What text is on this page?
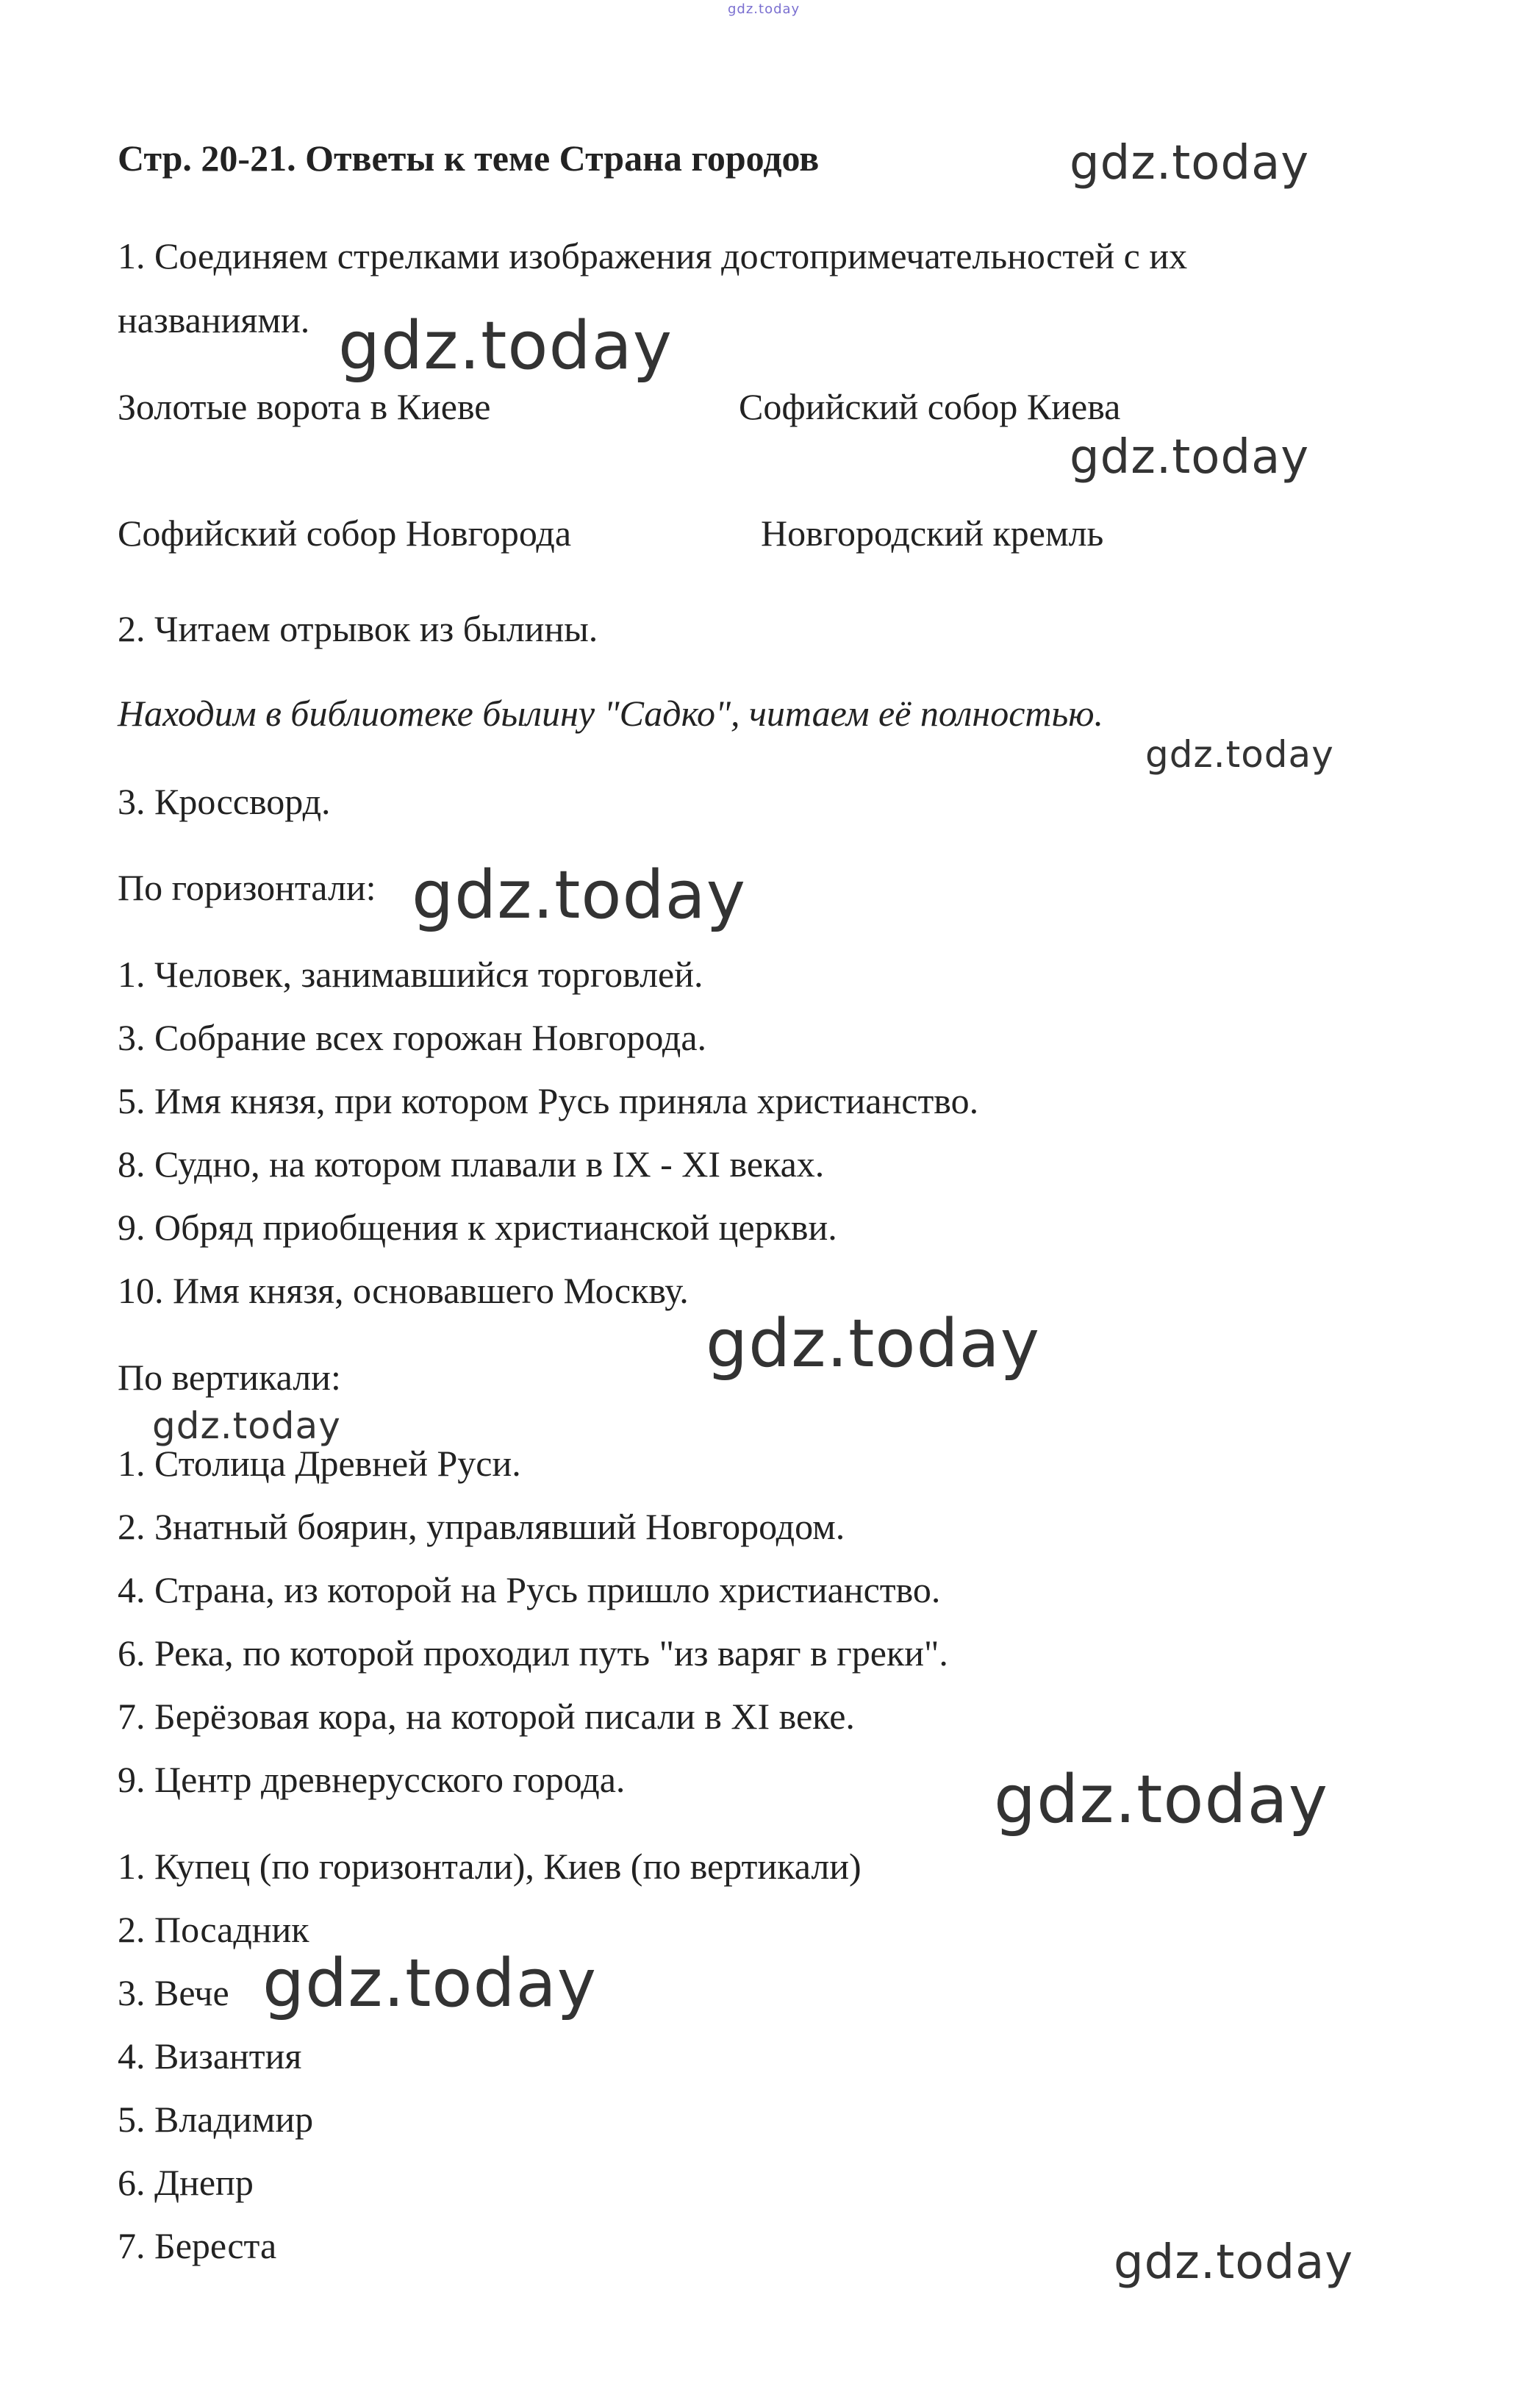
gdz.today
gdz.today
gdz.today
gdz.today
gdz.today
gdz.today
gdz.today
gdz.today
gdz.today
gdz.today
gdz.today
Стр. 20-21. Ответы к теме Страна городов
1. Соединяем стрелками изображения достопримечательностей с их
названиями.
Золотые ворота в Киеве	Софийский собор Киева
Софийский собор Новгорода	Новгородский кремль
2. Читаем отрывок из былины.
Находим в библиотеке былину "Садко", читаем её полностью.
3. Кроссворд.
По горизонтали:
1. Человек, занимавшийся торговлей.
3. Собрание всех горожан Новгорода.
5. Имя князя, при котором Русь приняла христианство.
8. Судно, на котором плавали в IX - XI веках.
9. Обряд приобщения к христианской церкви.
10. Имя князя, основавшего Москву.
По вертикали:
1. Столица Древней Руси.
2. Знатный боярин, управлявший Новгородом.
4. Страна, из которой на Русь пришло христианство.
6. Река, по которой проходил путь "из варяг в греки".
7. Берёзовая кора, на которой писали в XI веке.
9. Центр древнерусского города.
1. Купец (по горизонтали), Киев (по вертикали)
2. Посадник
3. Вече
4. Византия
5. Владимир
6. Днепр
7. Береста
